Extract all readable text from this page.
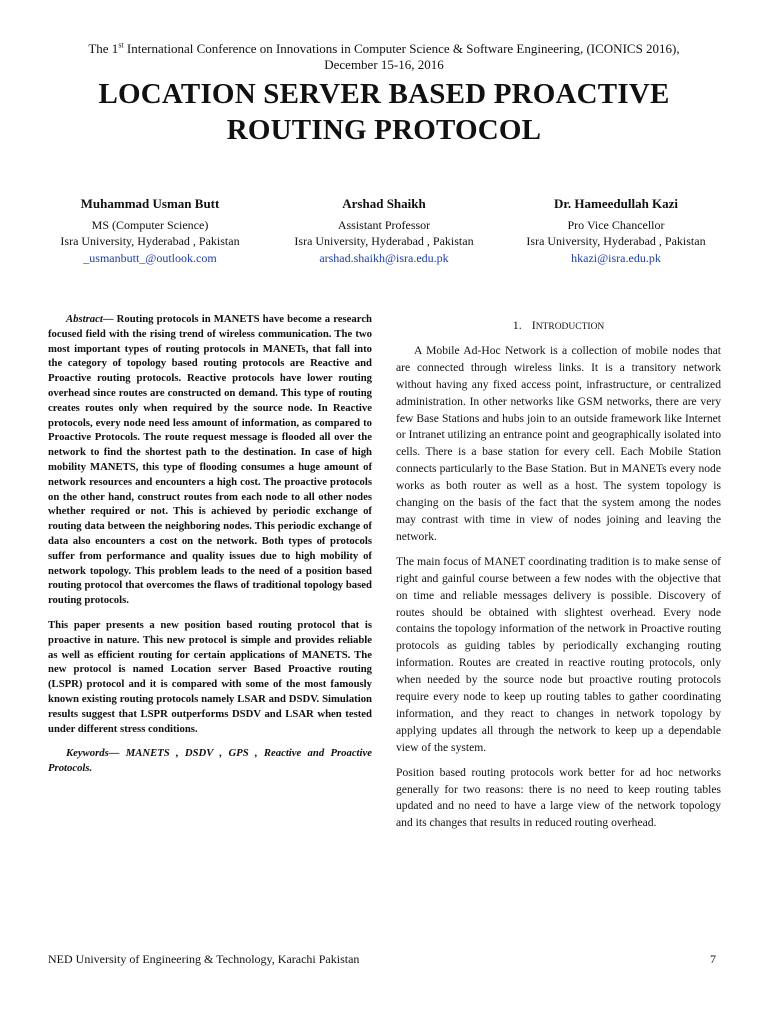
The 1st International Conference on Innovations in Computer Science & Software Engineering, (ICONICS 2016),
December 15-16, 2016
LOCATION SERVER BASED PROACTIVE
ROUTING PROTOCOL
Muhammad Usman Butt
MS (Computer Science)
Isra University, Hyderabad , Pakistan
_usmanbutt_@outlook.com
Arshad Shaikh
Assistant Professor
Isra University, Hyderabad , Pakistan
arshad.shaikh@isra.edu.pk
Dr. Hameedullah Kazi
Pro Vice Chancellor
Isra University, Hyderabad , Pakistan
hkazi@isra.edu.pk

Abstract— Routing protocols in MANETS have become a research focused field with the rising trend of wireless communication. The two most important types of routing protocols in MANETs, that fall into the category of topology based routing protocols are Reactive and Proactive routing protocols. Reactive protocols have lower routing overhead since routes are constructed on demand. This type of routing creates routes only when required by the source node. In Reactive protocols, every node need less amount of information, as compared to Proactive Protocols. The route request message is flooded all over the network to find the shortest path to the destination. In case of high mobility MANETS, this type of flooding consumes a huge amount of network resources and encounters a high cost. The proactive protocols on the other hand, construct routes from each node to all other nodes whether required or not. This is achieved by periodic exchange of routing data between the neighboring nodes. This periodic exchange of data also encounters a cost on the network. Both types of protocols suffer from performance and quality issues due to high mobility of network topology. This problem leads to the need of a position based routing protocol that overcomes the flaws of traditional topology based routing protocols.

This paper presents a new position based routing protocol that is proactive in nature. This new protocol is simple and provides reliable as well as efficient routing for certain applications of MANETS. The new protocol is named Location server Based Proactive routing (LSPR) protocol and it is compared with some of the most famously known existing routing protocols namely LSAR and DSDV. Simulation results suggest that LSPR outperforms DSDV and LSAR when tested under different stress conditions.

Keywords— MANETS , DSDV , GPS , Reactive and Proactive Protocols.

1. INTRODUCTION

A Mobile Ad-Hoc Network is a collection of mobile nodes that are connected through wireless links. It is a transitory network without having any fixed access point, infrastructure, or centralized administration. In other networks like GSM networks, there are very few Base Stations and hubs join to an outside framework like Internet or Intranet utilizing an entrance point and geographically isolated into cells. There is a base station for every cell. Each Mobile Station connects particularly to the Base Station. But in MANETs every node works as both router as well as a host. The system topology is changing on the basis of the fact that the system among the nodes may contrast with time in view of nodes joining and leaving the network.

The main focus of MANET coordinating tradition is to make sense of right and gainful course between a few nodes with the objective that on time and reliable messages delivery is possible. Discovery of routes should be obtained with slightest overhead. Every node contains the topology information of the network in Proactive routing protocols as guiding tables by periodically exchanging routing information. Routes are created in reactive routing protocols, only when needed by the source node but proactive routing protocols require every node to keep up routing tables to gather coordinating information, and they react to changes in network topology by applying updates all through the network to keep up a dependable view of the system.

Position based routing protocols work better for ad hoc networks generally for two reasons: there is no need to keep routing tables updated and no need to have a large view of the network topology and its changes that results in reduced routing overhead.

NED University of Engineering & Technology, Karachi Pakistan	7
